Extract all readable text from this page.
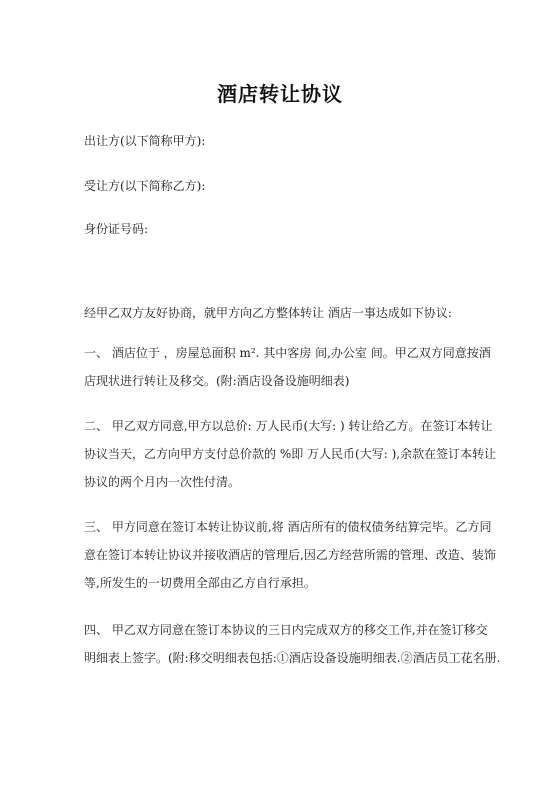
酒店转让协议
出让方(以下简称甲方):
受让方(以下简称乙方):
身份证号码:
经甲乙双方友好协商，就甲方向乙方整体转让 酒店一事达成如下协议:
一、 酒店位于 ，房屋总面积 m². 其中客房 间,办公室 间。甲乙双方同意按酒
店现状进行转让及移交。(附:酒店设备设施明细表)
二、 甲乙双方同意,甲方以总价: 万人民币(大写: ) 转让给乙方。在签订本转让
协议当天，乙方向甲方支付总价款的 %即 万人民币(大写: ),余款在签订本转让
协议的两个月内一次性付清。
三、 甲方同意在签订本转让协议前,将 酒店所有的债权债务结算完毕。乙方同
意在签订本转让协议并接收酒店的管理后,因乙方经营所需的管理、改造、装饰
等,所发生的一切费用全部由乙方自行承担。
四、 甲乙双方同意在签订本协议的三日内完成双方的移交工作,并在签订移交
明细表上签字。(附:移交明细表包括:①酒店设备设施明细表.②酒店员工花名册.
